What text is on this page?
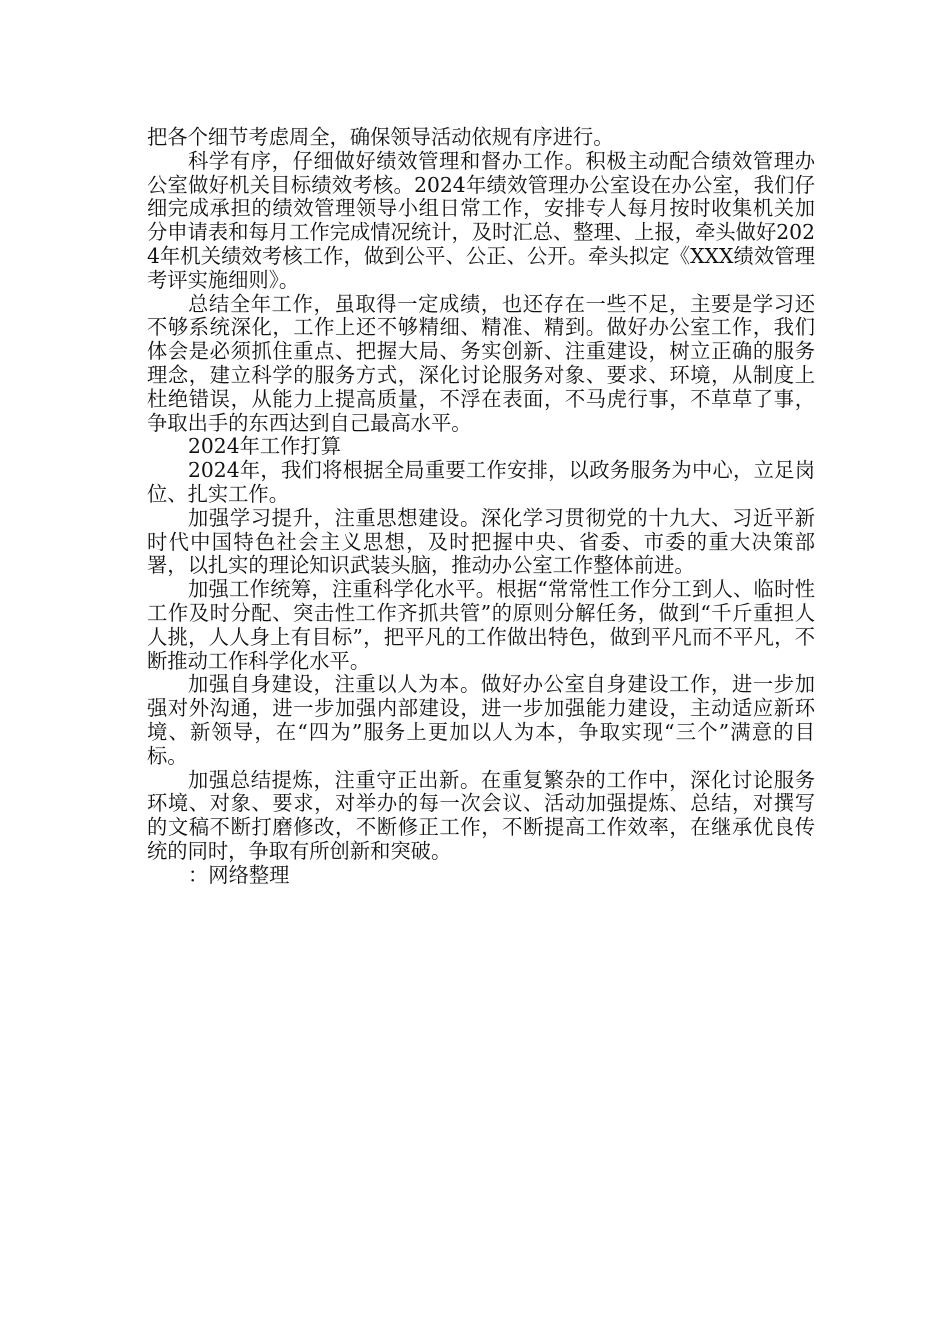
把各个细节考虑周全，确保领导活动依规有序进行。

科学有序，仔细做好绩效管理和督办工作。积极主动配合绩效管理办公室做好机关目标绩效考核。2024年绩效管理办公室设在办公室，我们仔细完成承担的绩效管理领导小组日常工作，安排专人每月按时收集机关加分申请表和每月工作完成情况统计，及时汇总、整理、上报，牵头做好2024年机关绩效考核工作，做到公平、公正、公开。牵头拟定《XXX绩效管理考评实施细则》。

总结全年工作，虽取得一定成绩，也还存在一些不足，主要是学习还不够系统深化，工作上还不够精细、精准、精到。做好办公室工作，我们体会是必须抓住重点、把握大局、务实创新、注重建设，树立正确的服务理念，建立科学的服务方式，深化讨论服务对象、要求、环境，从制度上杜绝错误，从能力上提高质量，不浮在表面，不马虎行事，不草草了事，争取出手的东西达到自己最高水平。

2024年工作打算

2024年，我们将根据全局重要工作安排，以政务服务为中心，立足岗位、扎实工作。

加强学习提升，注重思想建设。深化学习贯彻党的十九大、习近平新时代中国特色社会主义思想，及时把握中央、省委、市委的重大决策部署，以扎实的理论知识武装头脑，推动办公室工作整体前进。

加强工作统筹，注重科学化水平。根据“常常性工作分工到人、临时性工作及时分配、突击性工作齐抓共管”的原则分解任务，做到“千斤重担人人挑，人人身上有目标”，把平凡的工作做出特色，做到平凡而不平凡，不断推动工作科学化水平。

加强自身建设，注重以人为本。做好办公室自身建设工作，进一步加强对外沟通，进一步加强内部建设，进一步加强能力建设，主动适应新环境、新领导，在“四为”服务上更加以人为本，争取实现“三个”满意的目标。

加强总结提炼，注重守正出新。在重复繁杂的工作中，深化讨论服务环境、对象、要求，对举办的每一次会议、活动加强提炼、总结，对撰写的文稿不断打磨修改，不断修正工作，不断提高工作效率，在继承优良传统的同时，争取有所创新和突破。

：网络整理
